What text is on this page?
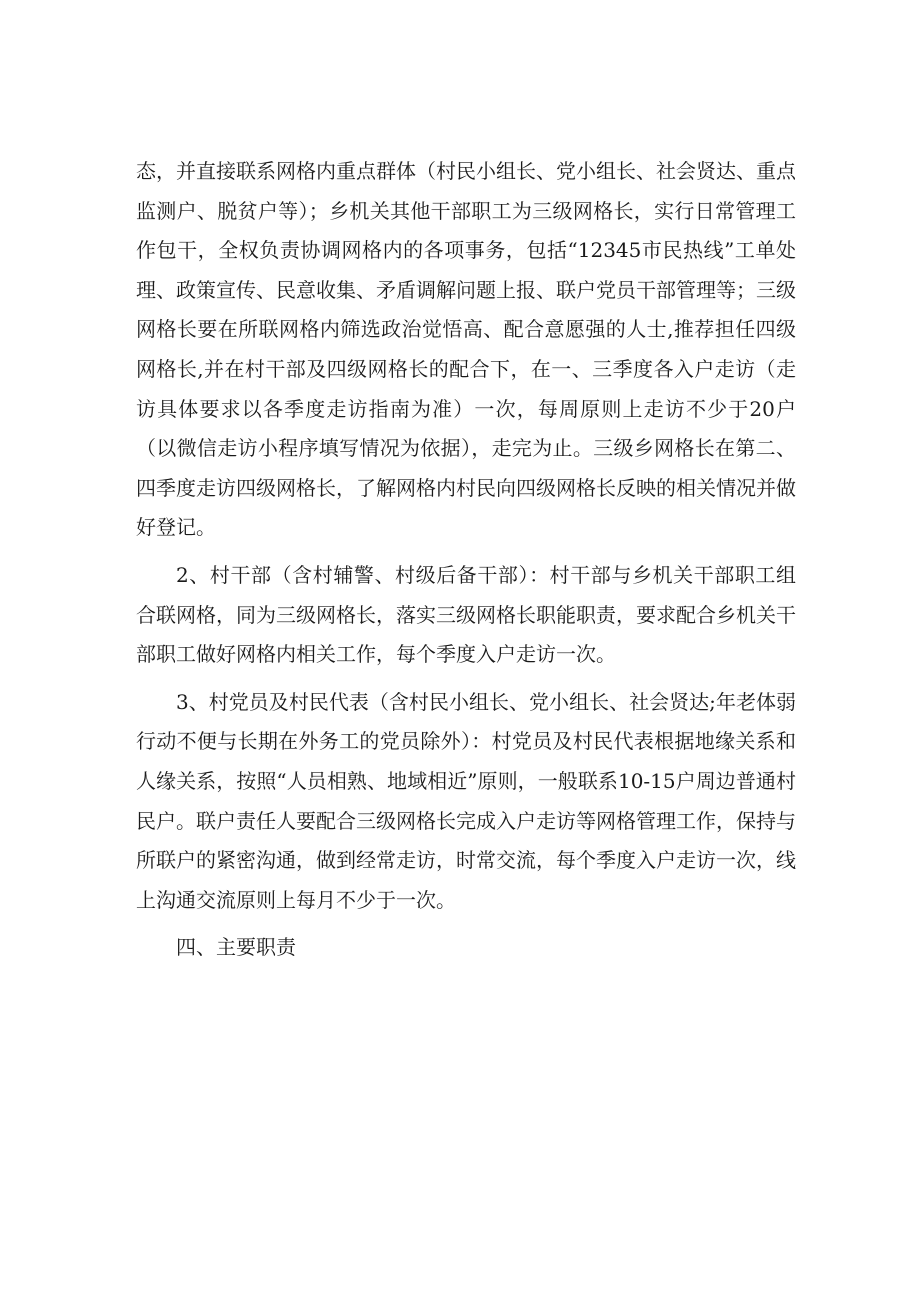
态，并直接联系网格内重点群体（村民小组长、党小组长、社会贤达、重点监测户、脱贫户等）；乡机关其他干部职工为三级网格长，实行日常管理工作包干，全权负责协调网格内的各项事务，包括“12345市民热线”工单处理、政策宣传、民意收集、矛盾调解问题上报、联户党员干部管理等；三级网格长要在所联网格内筛选政治觉悟高、配合意愿强的人士,推荐担任四级网格长,并在村干部及四级网格长的配合下，在一、三季度各入户走访（走访具体要求以各季度走访指南为准）一次，每周原则上走访不少于20户（以微信走访小程序填写情况为依据），走完为止。三级乡网格长在第二、四季度走访四级网格长，了解网格内村民向四级网格长反映的相关情况并做好登记。

2、村干部（含村辅警、村级后备干部）：村干部与乡机关干部职工组合联网格，同为三级网格长，落实三级网格长职能职责，要求配合乡机关干部职工做好网格内相关工作，每个季度入户走访一次。

3、村党员及村民代表（含村民小组长、党小组长、社会贤达;年老体弱行动不便与长期在外务工的党员除外）：村党员及村民代表根据地缘关系和人缘关系，按照“人员相熟、地域相近”原则，一般联系10-15户周边普通村民户。联户责任人要配合三级网格长完成入户走访等网格管理工作，保持与所联户的紧密沟通，做到经常走访，时常交流，每个季度入户走访一次，线上沟通交流原则上每月不少于一次。

四、主要职责
